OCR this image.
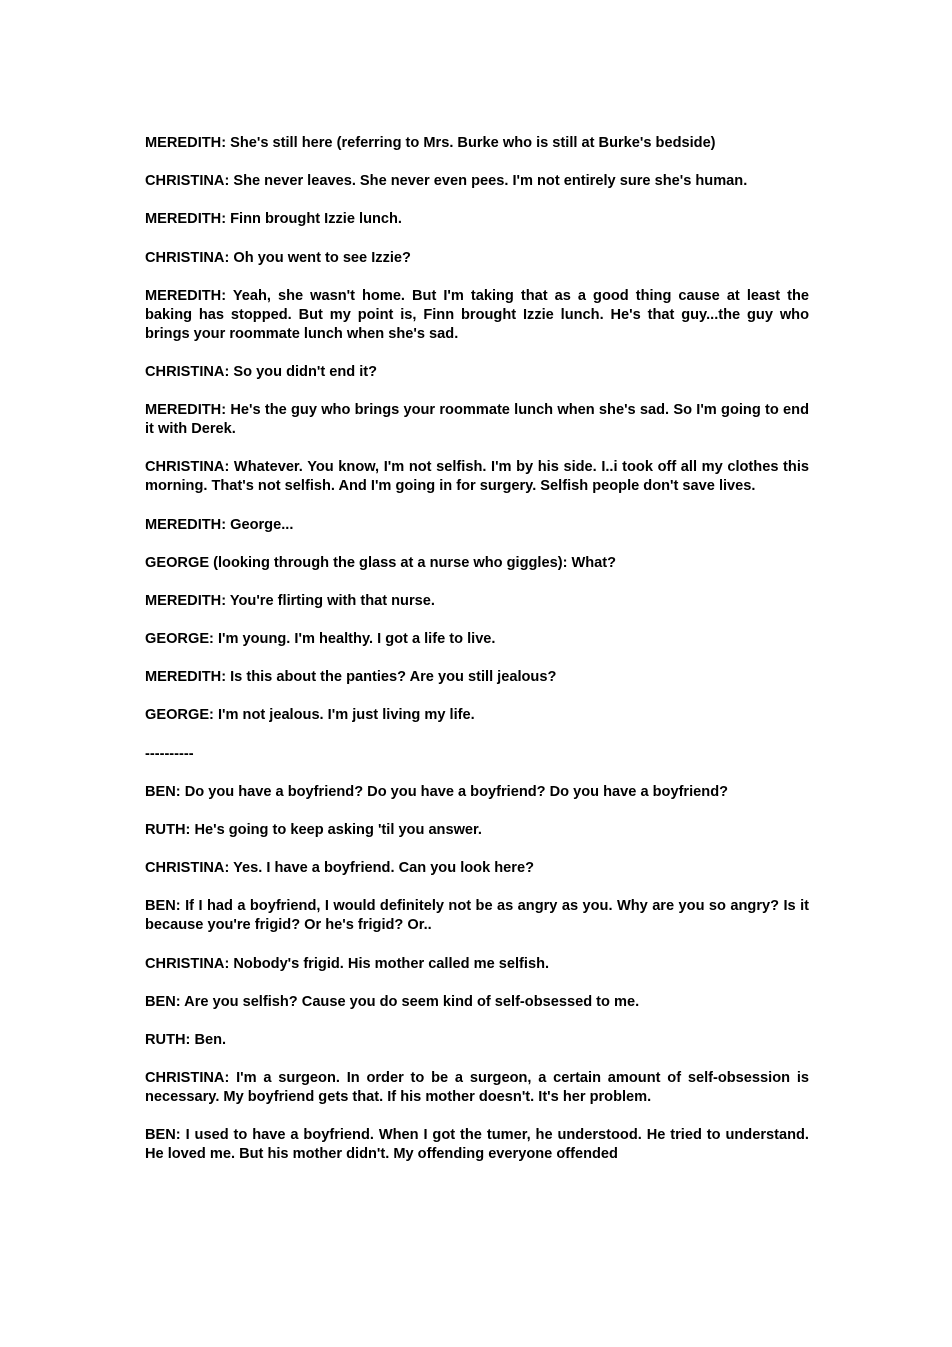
MEREDITH: She's still here (referring to Mrs. Burke who is still at Burke's bedside)

CHRISTINA: She never leaves. She never even pees. I'm not entirely sure she's human.

MEREDITH: Finn brought Izzie lunch.

CHRISTINA: Oh you went to see Izzie?

MEREDITH: Yeah, she wasn't home. But I'm taking that as a good thing cause at least the baking has stopped. But my point is, Finn brought Izzie lunch. He's that guy...the guy who brings your roommate lunch when she's sad.

CHRISTINA: So you didn't end it?

MEREDITH: He's the guy who brings your roommate lunch when she's sad. So I'm going to end it with Derek.

CHRISTINA: Whatever. You know, I'm not selfish. I'm by his side. I..i took off all my clothes this morning. That's not selfish. And I'm going in for surgery. Selfish people don't save lives.

MEREDITH: George...

GEORGE (looking through the glass at a nurse who giggles): What?

MEREDITH: You're flirting with that nurse.

GEORGE: I'm young. I'm healthy. I got a life to live.

MEREDITH: Is this about the panties? Are you still jealous?

GEORGE: I'm not jealous. I'm just living my life.

----------

BEN: Do you have a boyfriend? Do you have a boyfriend? Do you have a boyfriend?

RUTH: He's going to keep asking 'til you answer.

CHRISTINA: Yes. I have a boyfriend. Can you look here?

BEN: If I had a boyfriend, I would definitely not be as angry as you. Why are you so angry? Is it because you're frigid? Or he's frigid? Or..

CHRISTINA: Nobody's frigid. His mother called me selfish.

BEN: Are you selfish? Cause you do seem kind of self-obsessed to me.

RUTH: Ben.

CHRISTINA: I'm a surgeon. In order to be a surgeon, a certain amount of self-obsession is necessary. My boyfriend gets that. If his mother doesn't. It's her problem.

BEN: I used to have a boyfriend. When I got the tumer, he understood. He tried to understand. He loved me. But his mother didn't. My offending everyone offended
